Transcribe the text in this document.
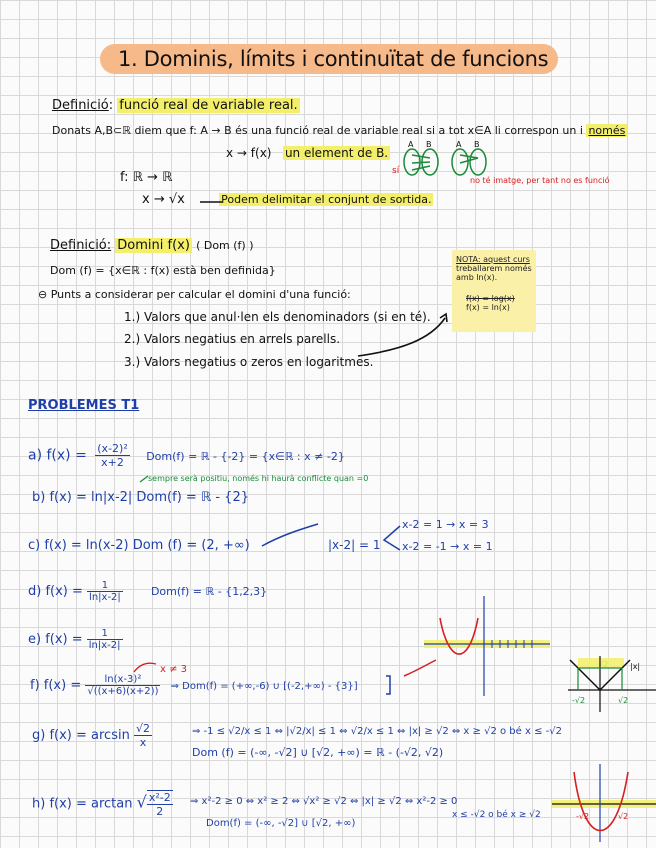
1. Dominis, límits i continuïtat de funcions
Definició: funció real de variable real.
Donats A,B⊂ℝ diem que f: A → B és una funció real de variable real si a tot x∈A li correspon un i només
x → f(x) un element de B.
f: ℝ → ℝ
x → √x	Podem delimitar el conjunt de sortida.
A B	A B
sí
no té imatge, per tant no es funció
Definició: Domini f(x) ( Dom (f) )
Dom (f) = {x∈ℝ : f(x) està ben definida}
⊖ Punts a considerar per calcular el domini d'una funció:
1.) Valors que anul·len els denominadors (si en té).
2.) Valors negatius en arrels parells.
3.) Valors negatius o zeros en logaritmes.
NOTA: aquest curs
treballarem només
amb ln(x).
f(x) = log(x)
f(x) = ln(x)
PROBLEMES T1
a) $f(x) = \frac{\text{(x-2)²}}{x+2} Dom(f)$ = ℝ - {-2} = {x∈ℝ : x ≠ -2}
sempre serà positiu, només hi haurà conflicte quan =0
b) f(x) = ln|x-2| Dom(f) = ℝ - {2}
c) f(x) = ln(x-2) Dom (f) = (2, +∞)	|x-2| = 1
x-2 = 1 → x = 3
x-2 = -1 → x = 1
d) $f(x) = \frac{1}{\ln|x-2|}$	Dom(f) = ℝ - {1,2,3}
e) $f(x) = \frac{1}{\ln|x-2|}$
f) $f(x) = \frac{\text{ln(x-3)²}}{√((x+6)(x+2))}$ ⇒ Dom(f) = (+∞,-6) ∪ [(-2,+∞) - {3}]
x ≠ 3
g) $f(x) = \arcsin \frac{√2}{x}$	⇒ -1 ≤ √2/x ≤ 1 ⇔ |√2/x| ≤ 1 ⇔ √2/x ≤ 1 ⇔ |x| ≥ √2 ⇔ x ≥ √2 o bé x ≤ -√2
Dom (f) = (-∞, -√2] ∪ [√2, +∞) = ℝ - (-√2, √2)
h) f(x) = arctan √ $\frac{\text{x²-2}}{2}$ ⇒ x²-2 ≥ 0 ⇔ x² ≥ 2 ⇔ √x² ≥ √2 ⇔ |x| ≥ √2 ⇔ x²-2 ≥ 0
Dom(f) = (-∞, -√2] ∪ [√2, +∞)
x ≤ -√2 o bé x ≥ √2
|x|
-√2	√2
-√2	√2
